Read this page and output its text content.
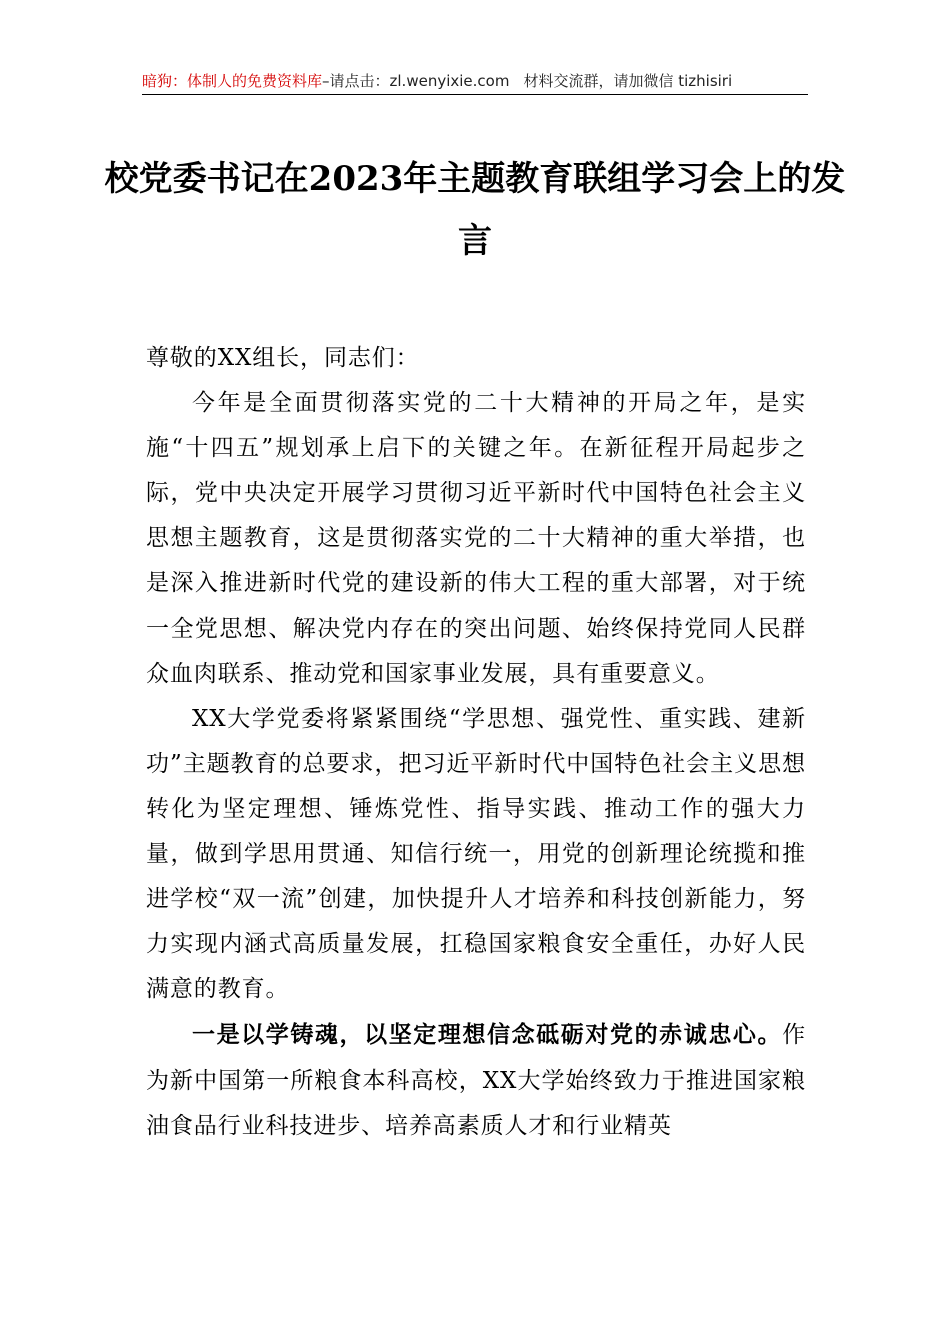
暗狗：体制人的免费资料库–请点击：zl.wenyixie.com 材料交流群，请加微信 tizhisiri
校党委书记在2023年主题教育联组学习会上的发言

尊敬的XX组长，同志们：

今年是全面贯彻落实党的二十大精神的开局之年，是实施“十四五”规划承上启下的关键之年。在新征程开局起步之际，党中央决定开展学习贯彻习近平新时代中国特色社会主义思想主题教育，这是贯彻落实党的二十大精神的重大举措，也是深入推进新时代党的建设新的伟大工程的重大部署，对于统一全党思想、解决党内存在的突出问题、始终保持党同人民群众血肉联系、推动党和国家事业发展，具有重要意义。

XX大学党委将紧紧围绕“学思想、强党性、重实践、建新功”主题教育的总要求，把习近平新时代中国特色社会主义思想转化为坚定理想、锤炼党性、指导实践、推动工作的强大力量，做到学思用贯通、知信行统一，用党的创新理论统揽和推进学校“双一流”创建，加快提升人才培养和科技创新能力，努力实现内涵式高质量发展，扛稳国家粮食安全重任，办好人民满意的教育。

一是以学铸魂，以坚定理想信念砥砺对党的赤诚忠心。作为新中国第一所粮食本科高校，XX大学始终致力于推进国家粮油食品行业科技进步、培养高素质人才和行业精英
